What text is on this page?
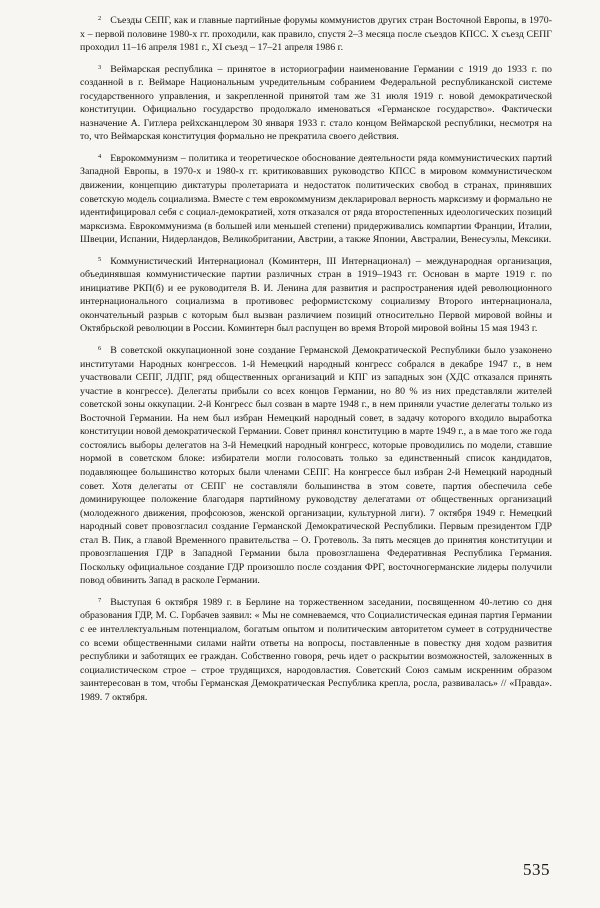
$^2$ Съезды СЕПГ, как и главные партийные форумы коммунистов других стран Восточной Европы, в 1970-х – первой половине 1980-х гг. проходили, как правило, спустя 2–3 месяца после съездов КПСС. X съезд СЕПГ проходил 11–16 апреля 1981 г., XI съезд – 17–21 апреля 1986 г.

$^3$ Веймарская республика – принятое в историографии наименование Германии с 1919 до 1933 г. по созданной в г. Веймаре Национальным учредительным собранием Федеральной республиканской системе государственного управления, и закрепленной принятой там же 31 июля 1919 г. новой демократической конституции. Официально государство продолжало именоваться «Германское государство». Фактически назначение А. Гитлера рейхсканцлером 30 января 1933 г. стало концом Веймарской республики, несмотря на то, что Веймарская конституция формально не прекратила своего действия.

$^4$ Еврокоммунизм – политика и теоретическое обоснование деятельности ряда коммунистических партий Западной Европы, в 1970-х и 1980-х гг. критиковавших руководство КПСС в мировом коммунистическом движении, концепцию диктатуры пролетариата и недостаток политических свобод в странах, принявших советскую модель социализма. Вместе с тем еврокоммунизм декларировал верность марксизму и формально не идентифицировал себя с социал-демократией, хотя отказался от ряда второстепенных идеологических позиций марксизма. Еврокоммунизма (в большей или меньшей степени) придерживались компартии Франции, Италии, Швеции, Испании, Нидерландов, Великобритании, Австрии, а также Японии, Австралии, Венесуэлы, Мексики.

$^5$ Коммунистический Интернационал (Коминтерн, III Интернационал) – международная организация, объединявшая коммунистические партии различных стран в 1919–1943 гг. Основан в марте 1919 г. по инициативе РКП(б) и ее руководителя В. И. Ленина для развития и распространения идей революционного интернационального социализма в противовес реформистскому социализму Второго интернационала, окончательный разрыв с которым был вызван различием позиций относительно Первой мировой войны и Октябрьской революции в России. Коминтерн был распущен во время Второй мировой войны 15 мая 1943 г.

$^6$ В советской оккупационной зоне создание Германской Демократической Республики было узаконено институтами Народных конгрессов. 1-й Немецкий народный конгресс собрался в декабре 1947 г., в нем участвовали СЕПГ, ЛДПГ, ряд общественных организаций и КПГ из западных зон (ХДС отказался принять участие в конгрессе). Делегаты прибыли со всех концов Германии, но 80 % из них представляли жителей советской зоны оккупации. 2-й Конгресс был созван в марте 1948 г., в нем приняли участие делегаты только из Восточной Германии. На нем был избран Немецкий народный совет, в задачу которого входило выработка конституции новой демократической Германии. Совет принял конституцию в марте 1949 г., а в мае того же года состоялись выборы делегатов на 3-й Немецкий народный конгресс, которые проводились по модели, ставшие нормой в советском блоке: избиратели могли голосовать только за единственный список кандидатов, подавляющее большинство которых были членами СЕПГ. На конгрессе был избран 2-й Немецкий народный совет. Хотя делегаты от СЕПГ не составляли большинства в этом совете, партия обеспечила себе доминирующее положение благодаря партийному руководству делегатами от общественных организаций (молодежного движения, профсоюзов, женской организации, культурной лиги). 7 октября 1949 г. Немецкий народный совет провозгласил создание Германской Демократической Республики. Первым президентом ГДР стал В. Пик, а главой Временного правительства – О. Гротеволь. За пять месяцев до принятия конституции и провозглашения ГДР в Западной Германии была провозглашена Федеративная Республика Германия. Поскольку официальное создание ГДР произошло после создания ФРГ, восточногерманские лидеры получили повод обвинить Запад в расколе Германии.

$^7$ Выступая 6 октября 1989 г. в Берлине на торжественном заседании, посвященном 40-летию со дня образования ГДР, М. С. Горбачев заявил: « Мы не сомневаемся, что Социалистическая единая партия Германии с ее интеллектуальным потенциалом, богатым опытом и политическим авторитетом сумеет в сотрудничестве со всеми общественными силами найти ответы на вопросы, поставленные в повестку дня ходом развития республики и заботящих ее граждан. Собственно говоря, речь идет о раскрытии возможностей, заложенных в социалистическом строе – строе трудящихся, народовластия. Советский Союз самым искренним образом заинтересован в том, чтобы Германская Демократическая Республика крепла, росла, развивалась» // «Правда». 1989. 7 октября.

535
